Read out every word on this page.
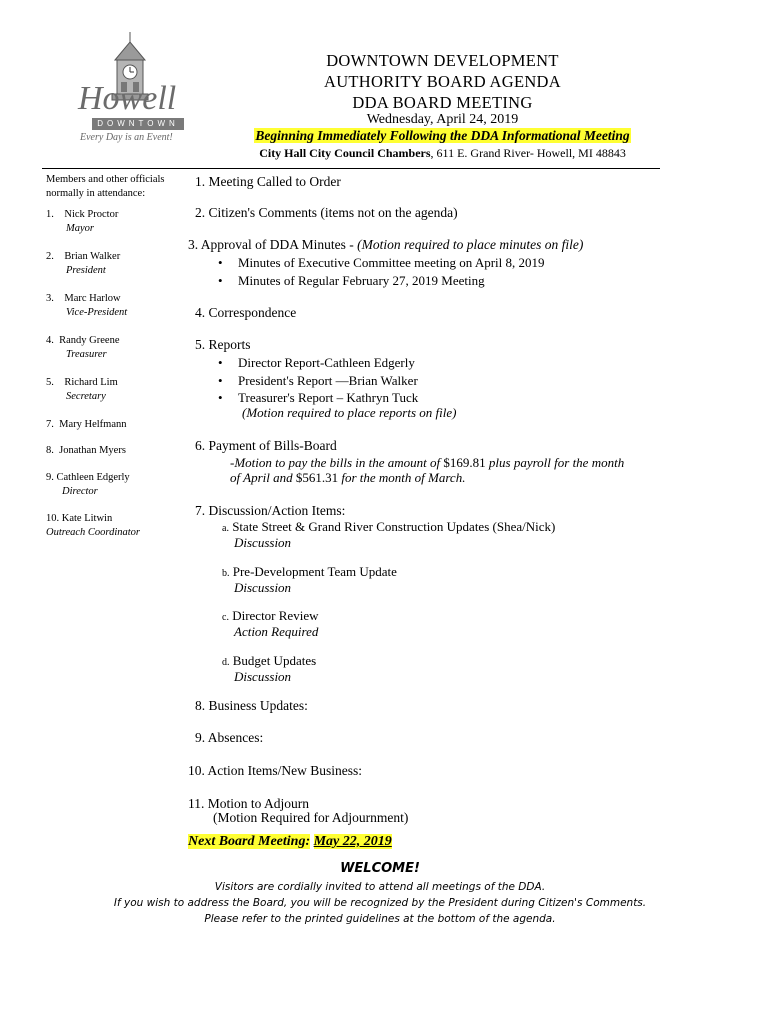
Howell
DOWNTOWN
Every Day is an Event!
DOWNTOWN DEVELOPMENT
AUTHORITY BOARD AGENDA
DDA BOARD MEETING
Wednesday, April 24, 2019
Beginning Immediately Following the DDA Informational Meeting
City Hall City Council Chambers, 611 E. Grand River- Howell, MI 48843
Members and other officials normally in attendance:
1.    Nick Proctor
Mayor
2.    Brian Walker
President
3.    Marc Harlow
Vice-President
4.  Randy Greene
Treasurer
5.    Richard Lim
Secretary
7.  Mary Helfmann
8.  Jonathan Myers
9. Cathleen Edgerly
Director
10. Kate Litwin
Outreach Coordinator
1. Meeting Called to Order
2. Citizen's Comments (items not on the agenda)
3. Approval of DDA Minutes - (Motion required to place minutes on file)
• Minutes of Executive Committee meeting on April 8, 2019
• Minutes of Regular February 27, 2019 Meeting
4. Correspondence
5. Reports
• Director Report-Cathleen Edgerly
• President's Report —Brian Walker
• Treasurer's Report – Kathryn Tuck
(Motion required to place reports on file)
6. Payment of Bills-Board
-Motion to pay the bills in the amount of $169.81 plus payroll for the month
of April and $561.31 for the month of March.
7. Discussion/Action Items:
a. State Street & Grand River Construction Updates (Shea/Nick)
Discussion
b. Pre-Development Team Update
Discussion
c. Director Review
Action Required
d. Budget Updates
Discussion
8. Business Updates:
9. Absences:
10. Action Items/New Business:
11. Motion to Adjourn
(Motion Required for Adjournment)
Next Board Meeting: May 22, 2019
WELCOME!
Visitors are cordially invited to attend all meetings of the DDA.
If you wish to address the Board, you will be recognized by the President during Citizen's Comments.
Please refer to the printed guidelines at the bottom of the agenda.
